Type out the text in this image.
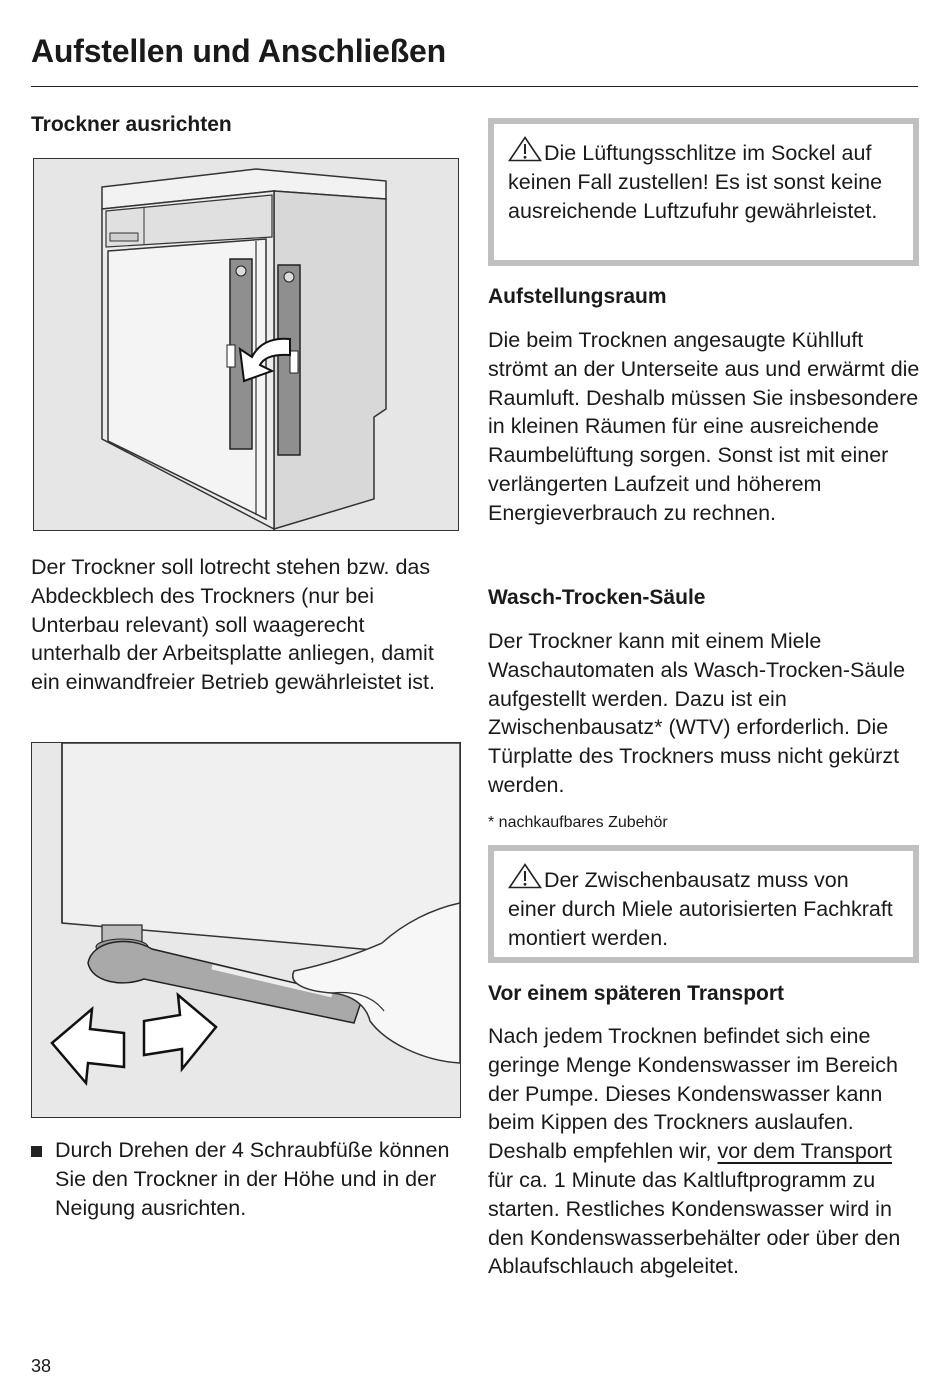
Aufstellen und Anschließen
Trockner ausrichten

Der Trockner soll lotrecht stehen bzw. das Abdeckblech des Trockners (nur bei Unterbau relevant) soll waagerecht unterhalb der Arbeitsplatte anliegen, damit ein einwandfreier Betrieb gewährleistet ist.

Durch Drehen der 4 Schraubfüße können Sie den Trockner in der Höhe und in der Neigung ausrichten.

Die Lüftungsschlitze im Sockel auf keinen Fall zustellen! Es ist sonst keine ausreichende Luftzufuhr gewährleistet.

Aufstellungsraum

Die beim Trocknen angesaugte Kühlluft strömt an der Unterseite aus und erwärmt die Raumluft. Deshalb müssen Sie insbesondere in kleinen Räumen für eine ausreichende Raumbelüftung sorgen. Sonst ist mit einer verlängerten Laufzeit und höherem Energieverbrauch zu rechnen.

Wasch-Trocken-Säule

Der Trockner kann mit einem Miele Waschautomaten als Wasch-Trocken-Säule aufgestellt werden. Dazu ist ein Zwischenbausatz* (WTV) erforderlich. Die Türplatte des Trockners muss nicht gekürzt werden.

* nachkaufbares Zubehör

Der Zwischenbausatz muss von einer durch Miele autorisierten Fachkraft montiert werden.

Vor einem späteren Transport

Nach jedem Trocknen befindet sich eine geringe Menge Kondenswasser im Bereich der Pumpe. Dieses Kondenswasser kann beim Kippen des Trockners auslaufen. Deshalb empfehlen wir, vor dem Transport für ca. 1 Minute das Kaltluftprogramm zu starten. Restliches Kondenswasser wird in den Kondenswasserbehälter oder über den Ablaufschlauch abgeleitet.

38
